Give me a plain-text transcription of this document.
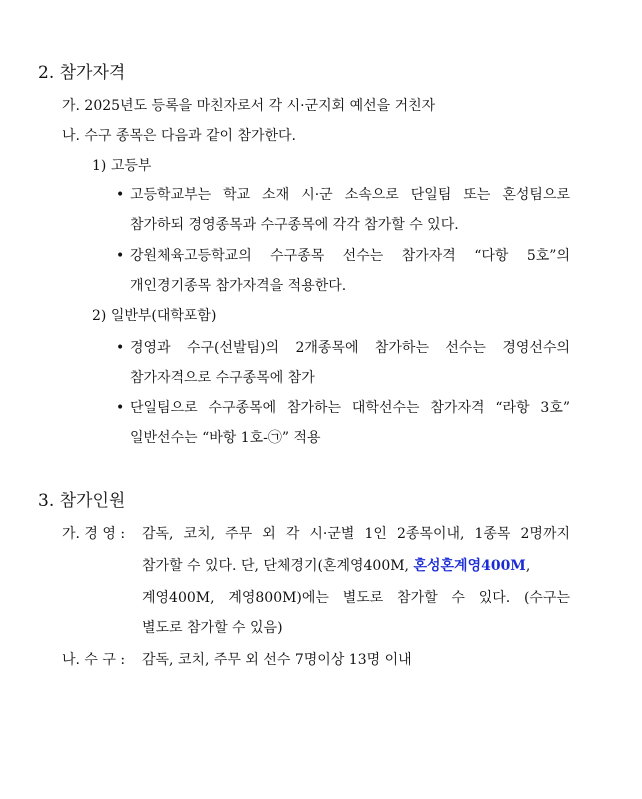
2. 참가자격
가. 2025년도 등록을 마친자로서 각 시·군지회 예선을 거친자
나. 수구 종목은 다음과 같이 참가한다.
1) 고등부
• 고등학교부는 학교 소재 시·군 소속으로 단일팀 또는 혼성팀으로
참가하되 경영종목과 수구종목에 각각 참가할 수 있다.
• 강원체육고등학교의 수구종목 선수는 참가자격 “다항 5호”의
개인경기종목 참가자격을 적용한다.
2) 일반부(대학포함)
• 경영과 수구(선발팀)의 2개종목에 참가하는 선수는 경영선수의
참가자격으로 수구종목에 참가
• 단일팀으로 수구종목에 참가하는 대학선수는 참가자격 “라항 3호”
일반선수는 “바항 1호-㉠” 적용
3. 참가인원
가. 경 영 : 감독, 코치, 주무 외 각 시·군별 1인 2종목이내, 1종목 2명까지
참가할 수 있다. 단, 단체경기(혼계영400M, 혼성혼계영400M,
계영400M, 계영800M)에는 별도로 참가할 수 있다. (수구는
별도로 참가할 수 있음)
나. 수 구 : 감독, 코치, 주무 외 선수 7명이상 13명 이내
